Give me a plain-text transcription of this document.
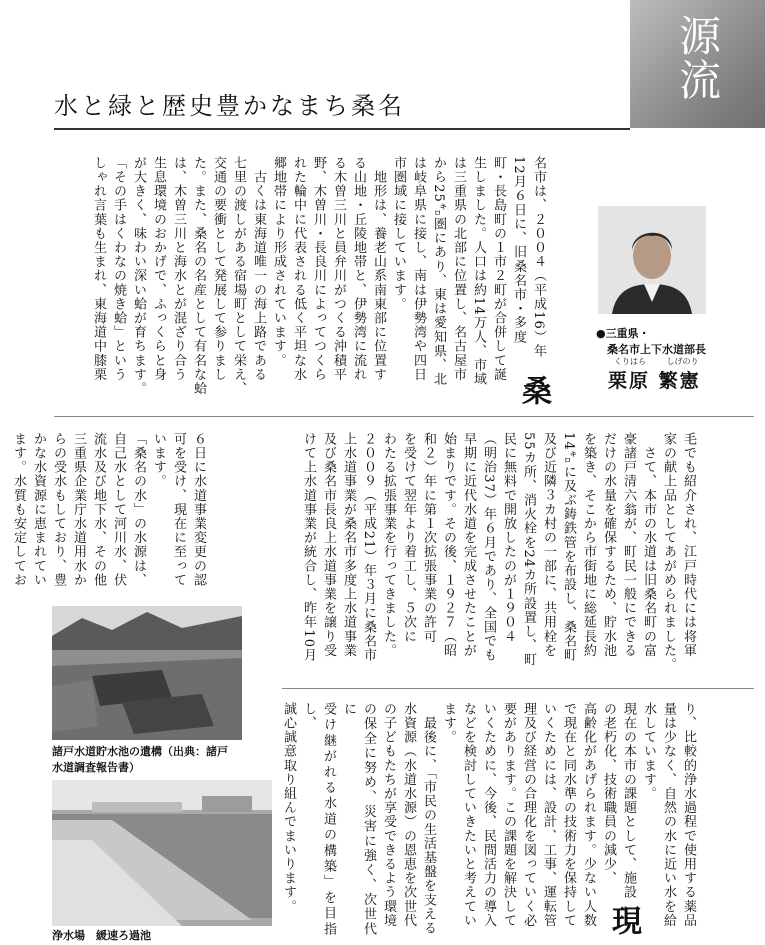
源流
水と緑と歴史豊かなまち桑名
桑
名市は、２００４（平成16）年
12月６日に、旧桑名市・多度
町・長島町の１市２町が合併して誕
生しました。人口は約14万人、市域
は三重県の北部に位置し、名古屋市
から25㌔圏にあり、東は愛知県、北
は岐阜県に接し、南は伊勢湾や四日
市圏域に接しています。
　地形は、養老山系南東部に位置す
る山地・丘陵地帯と、伊勢湾に流れ
る木曽三川と員弁川がつくる沖積平
野、木曽川・長良川によってつくら
れた輪中に代表される低く平坦な水
郷地帯により形成されています。
　古くは東海道唯一の海上路である
七里の渡しがある宿場町として栄え、
交通の要衝として発展して参りまし
た。また、桑名の名産として有名な蛤
は、木曽三川と海水とが混ざり合う
生息環境のおかげで、ふっくらと身
が大きく、味わい深い蛤が育ちます。
「その手はくわなの焼き蛤」という
しゃれ言葉も生まれ、東海道中膝栗	●三重県・
　桑名市上下水道部長
くりはら	しげのり
栗原 繁憲
毛でも紹介され、江戸時代には将軍
家の献上品としてあがめられました。
　さて、本市の水道は旧桑名町の富
豪諸戸清六翁が、町民一般にできる
だけの水量を確保するため、貯水池
を築き、そこから市街地に総延長約
14㌔に及ぶ鋳鉄管を布設し、桑名町
及び近隣３カ村の一部に、共用栓を
55カ所、消火栓を24カ所設置し、町
民に無料で開放したのが１９０４
（明治37）年６月であり、全国でも
早期に近代水道を完成させたことが
始まりです。その後、１９２７（昭
和２）年に第１次拡張事業の許可
を受けて翌年より着工し、５次に
わたる拡張事業を行ってきました。
２００９（平成21）年３月に桑名市
上水道事業が桑名市多度上水道事業
及び桑名市長良上水道事業を譲り受
けて上水道事業が統合し、昨年10月

６日に水道事業変更の認
可を受け、現在に至って
います。
「桑名の水」の水源は、
自己水として河川水、伏
流水及び地下水、その他
三重県企業庁水道用水か
らの受水もしており、豊
かな水資源に恵まれてい
ます。水質も安定してお

諸戸水道貯水池の遺構（出典：諸戸
水道調査報告書）
浄水場　緩速ろ過池
り、比較的浄水過程で使用する薬品
量は少なく、自然の水に近い水を給
水しています。

現
現在の本市の課題として、施設
の老朽化、技術職員の減少、
高齢化があげられます。少ない人数
で現在と同水準の技術力を保持して
いくためには、設計、工事、運転管
理及び経営の合理化を図っていく必
要があります。この課題を解決して
いくために、今後、民間活力の導入
などを検討していきたいと考えてい
ます。
　最後に、「市民の生活基盤を支える
水資源（水道水源）の恩恵を次世代
の子どもたちが享受できるよう環境
の保全に努め、災害に強く、次世代に
受け継がれる水道の構築」を目指し、
誠心誠意取り組んでまいります。
